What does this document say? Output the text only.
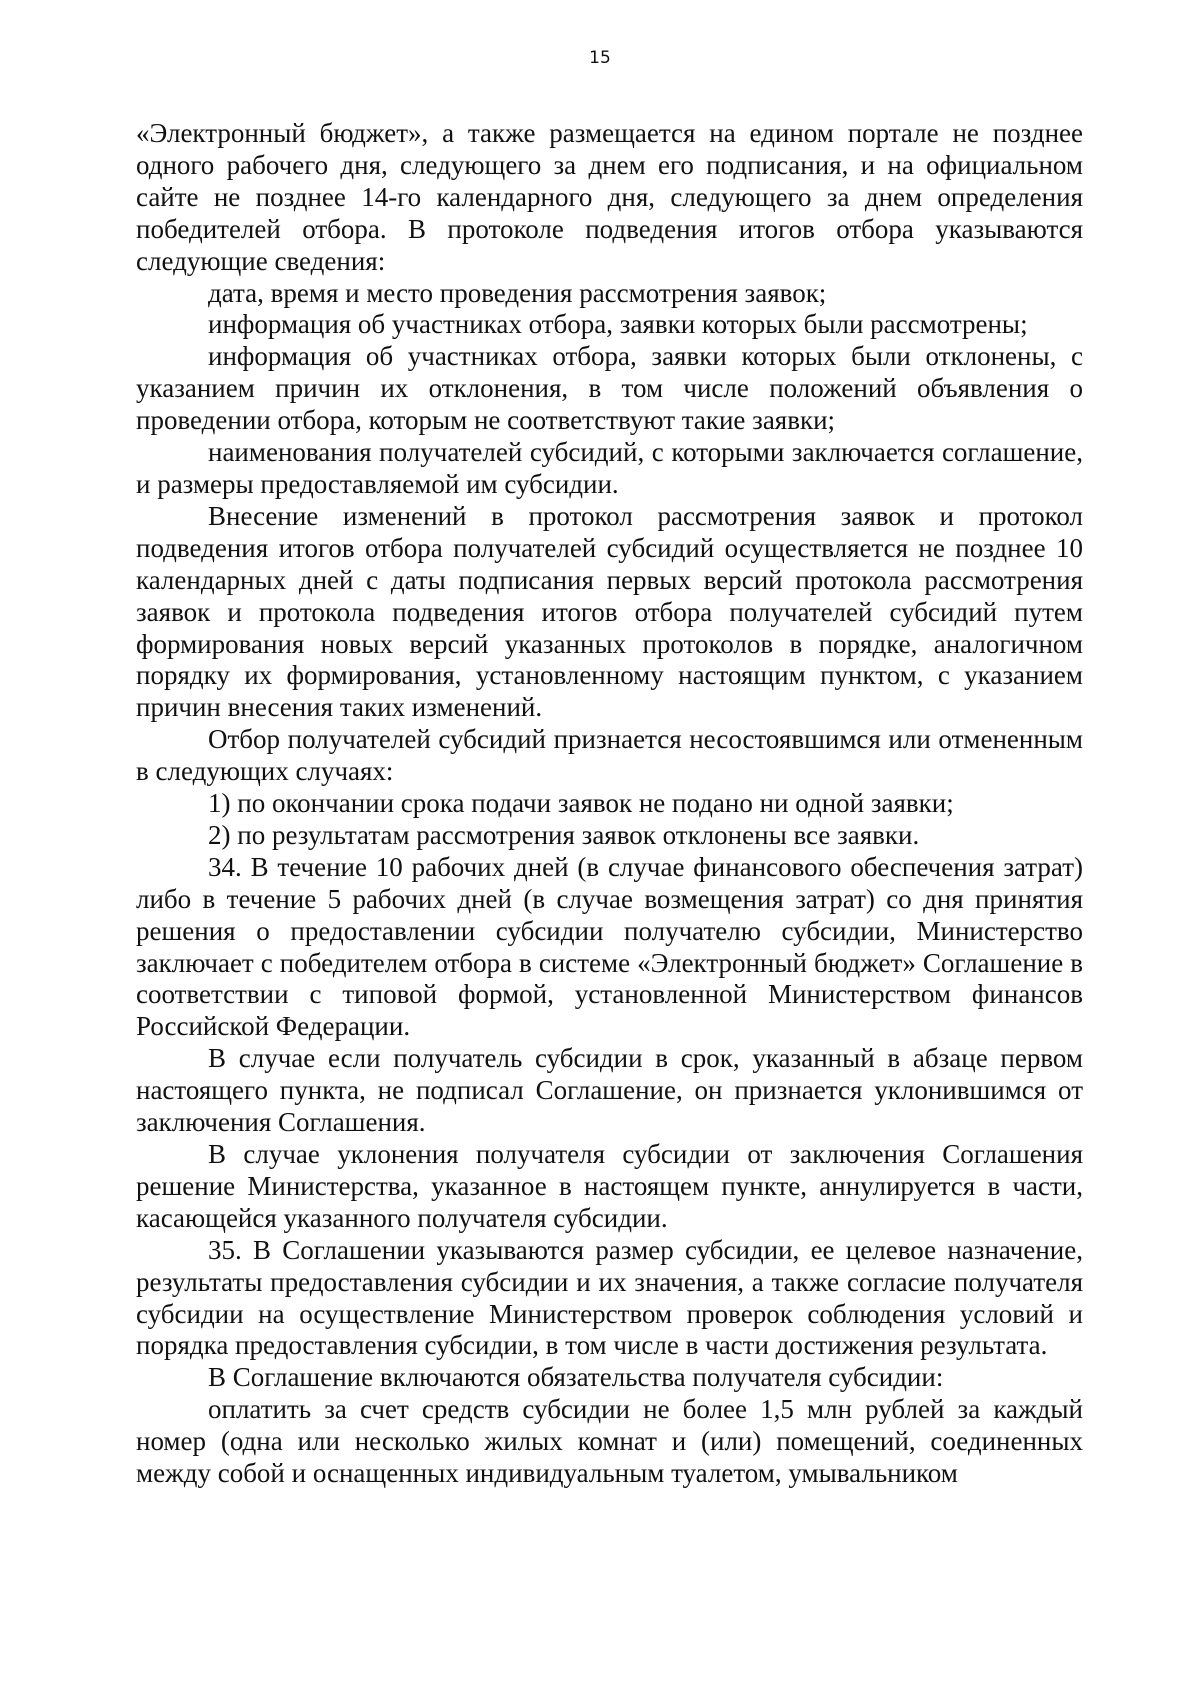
15

«Электронный бюджет», а также размещается на едином портале не позднее одного рабочего дня, следующего за днем его подписания, и на официальном сайте не позднее 14-го календарного дня, следующего за днем определения победителей отбора. В протоколе подведения итогов отбора указываются следующие сведения:

дата, время и место проведения рассмотрения заявок;

информация об участниках отбора, заявки которых были рассмотрены;

информация об участниках отбора, заявки которых были отклонены, с указанием причин их отклонения, в том числе положений объявления о проведении отбора, которым не соответствуют такие заявки;

наименования получателей субсидий, с которыми заключается соглашение, и размеры предоставляемой им субсидии.

Внесение изменений в протокол рассмотрения заявок и протокол подведения итогов отбора получателей субсидий осуществляется не позднее 10 календарных дней с даты подписания первых версий протокола рассмотрения заявок и протокола подведения итогов отбора получателей субсидий путем формирования новых версий указанных протоколов в порядке, аналогичном порядку их формирования, установленному настоящим пунктом, с указанием причин внесения таких изменений.

Отбор получателей субсидий признается несостоявшимся или отмененным в следующих случаях:

1) по окончании срока подачи заявок не подано ни одной заявки;

2) по результатам рассмотрения заявок отклонены все заявки.

34. В течение 10 рабочих дней (в случае финансового обеспечения затрат) либо в течение 5 рабочих дней (в случае возмещения затрат) со дня принятия решения о предоставлении субсидии получателю субсидии, Министерство заключает с победителем отбора в системе «Электронный бюджет» Соглашение в соответствии с типовой формой, установленной Министерством финансов Российской Федерации.

В случае если получатель субсидии в срок, указанный в абзаце первом настоящего пункта, не подписал Соглашение, он признается уклонившимся от заключения Соглашения.

В случае уклонения получателя субсидии от заключения Соглашения решение Министерства, указанное в настоящем пункте, аннулируется в части, касающейся указанного получателя субсидии.

35. В Соглашении указываются размер субсидии, ее целевое назначение, результаты предоставления субсидии и их значения, а также согласие получателя субсидии на осуществление Министерством проверок соблюдения условий и порядка предоставления субсидии, в том числе в части достижения результата.

В Соглашение включаются обязательства получателя субсидии:

оплатить за счет средств субсидии не более 1,5 млн рублей за каждый номер (одна или несколько жилых комнат и (или) помещений, соединенных между собой и оснащенных индивидуальным туалетом, умывальником
